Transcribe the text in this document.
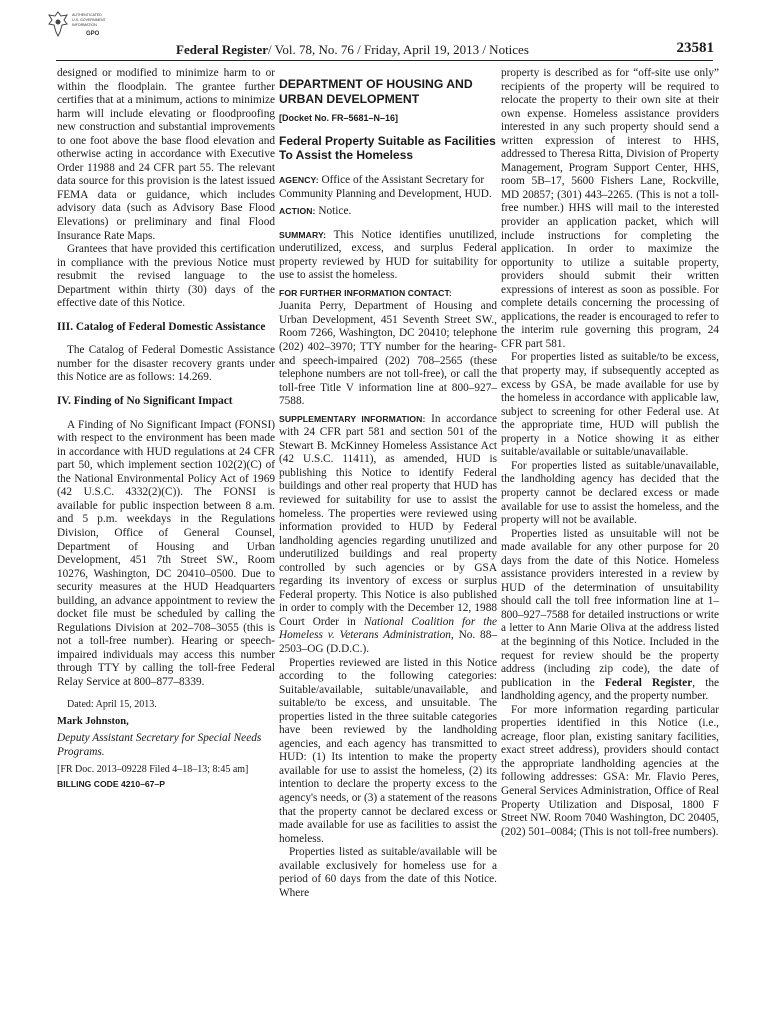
AUTHENTICATED
U.S. GOVERNMENT
INFORMATION
GPO
Federal Register/ Vol. 78, No. 76 / Friday, April 19, 2013 / Notices	23581

designed or modified to minimize harm to or within the floodplain. The grantee further certifies that at a minimum, actions to minimize harm will include elevating or floodproofing new construction and substantial improvements to one foot above the base flood elevation and otherwise acting in accordance with Executive Order 11988 and 24 CFR part 55. The relevant data source for this provision is the latest issued FEMA data or guidance, which includes advisory data (such as Advisory Base Flood Elevations) or preliminary and final Flood Insurance Rate Maps.

Grantees that have provided this certification in compliance with the previous Notice must resubmit the revised language to the Department within thirty (30) days of the effective date of this Notice.

III. Catalog of Federal Domestic Assistance

The Catalog of Federal Domestic Assistance number for the disaster recovery grants under this Notice are as follows: 14.269.

IV. Finding of No Significant Impact

A Finding of No Significant Impact (FONSI) with respect to the environment has been made in accordance with HUD regulations at 24 CFR part 50, which implement section 102(2)(C) of the National Environmental Policy Act of 1969 (42 U.S.C. 4332(2)(C)). The FONSI is available for public inspection between 8 a.m. and 5 p.m. weekdays in the Regulations Division, Office of General Counsel, Department of Housing and Urban Development, 451 7th Street SW., Room 10276, Washington, DC 20410–0500. Due to security measures at the HUD Headquarters building, an advance appointment to review the docket file must be scheduled by calling the Regulations Division at 202–708–3055 (this is not a toll-free number). Hearing or speech-impaired individuals may access this number through TTY by calling the toll-free Federal Relay Service at 800–877–8339.

Dated: April 15, 2013.

Mark Johnston,

Deputy Assistant Secretary for Special Needs Programs.

[FR Doc. 2013–09228 Filed 4–18–13; 8:45 am]

BILLING CODE 4210–67–P
DEPARTMENT OF HOUSING AND URBAN DEVELOPMENT
[Docket No. FR–5681–N–16]
Federal Property Suitable as Facilities To Assist the Homeless

AGENCY: Office of the Assistant Secretary for Community Planning and Development, HUD.

ACTION: Notice.

SUMMARY: This Notice identifies unutilized, underutilized, excess, and surplus Federal property reviewed by HUD for suitability for use to assist the homeless.

FOR FURTHER INFORMATION CONTACT:
Juanita Perry, Department of Housing and Urban Development, 451 Seventh Street SW., Room 7266, Washington, DC 20410; telephone (202) 402–3970; TTY number for the hearing- and speech-impaired (202) 708–2565 (these telephone numbers are not toll-free), or call the toll-free Title V information line at 800–927–7588.

SUPPLEMENTARY INFORMATION: In accordance with 24 CFR part 581 and section 501 of the Stewart B. McKinney Homeless Assistance Act (42 U.S.C. 11411), as amended, HUD is publishing this Notice to identify Federal buildings and other real property that HUD has reviewed for suitability for use to assist the homeless. The properties were reviewed using information provided to HUD by Federal landholding agencies regarding unutilized and underutilized buildings and real property controlled by such agencies or by GSA regarding its inventory of excess or surplus Federal property. This Notice is also published in order to comply with the December 12, 1988 Court Order in National Coalition for the Homeless v. Veterans Administration, No. 88–2503–OG (D.D.C.).

Properties reviewed are listed in this Notice according to the following categories: Suitable/available, suitable/unavailable, and suitable/to be excess, and unsuitable. The properties listed in the three suitable categories have been reviewed by the landholding agencies, and each agency has transmitted to HUD: (1) Its intention to make the property available for use to assist the homeless, (2) its intention to declare the property excess to the agency's needs, or (3) a statement of the reasons that the property cannot be declared excess or made available for use as facilities to assist the homeless.

Properties listed as suitable/available will be available exclusively for homeless use for a period of 60 days from the date of this Notice. Where

property is described as for “off-site use only” recipients of the property will be required to relocate the property to their own site at their own expense. Homeless assistance providers interested in any such property should send a written expression of interest to HHS, addressed to Theresa Ritta, Division of Property Management, Program Support Center, HHS, room 5B–17, 5600 Fishers Lane, Rockville, MD 20857; (301) 443–2265. (This is not a toll-free number.) HHS will mail to the interested provider an application packet, which will include instructions for completing the application. In order to maximize the opportunity to utilize a suitable property, providers should submit their written expressions of interest as soon as possible. For complete details concerning the processing of applications, the reader is encouraged to refer to the interim rule governing this program, 24 CFR part 581.

For properties listed as suitable/to be excess, that property may, if subsequently accepted as excess by GSA, be made available for use by the homeless in accordance with applicable law, subject to screening for other Federal use. At the appropriate time, HUD will publish the property in a Notice showing it as either suitable/available or suitable/unavailable.

For properties listed as suitable/unavailable, the landholding agency has decided that the property cannot be declared excess or made available for use to assist the homeless, and the property will not be available.

Properties listed as unsuitable will not be made available for any other purpose for 20 days from the date of this Notice. Homeless assistance providers interested in a review by HUD of the determination of unsuitability should call the toll free information line at 1–800–927–7588 for detailed instructions or write a letter to Ann Marie Oliva at the address listed at the beginning of this Notice. Included in the request for review should be the property address (including zip code), the date of publication in the Federal Register, the landholding agency, and the property number.

For more information regarding particular properties identified in this Notice (i.e., acreage, floor plan, existing sanitary facilities, exact street address), providers should contact the appropriate landholding agencies at the following addresses: GSA: Mr. Flavio Peres, General Services Administration, Office of Real Property Utilization and Disposal, 1800 F Street NW. Room 7040 Washington, DC 20405, (202) 501–0084; (This is not toll-free numbers).
